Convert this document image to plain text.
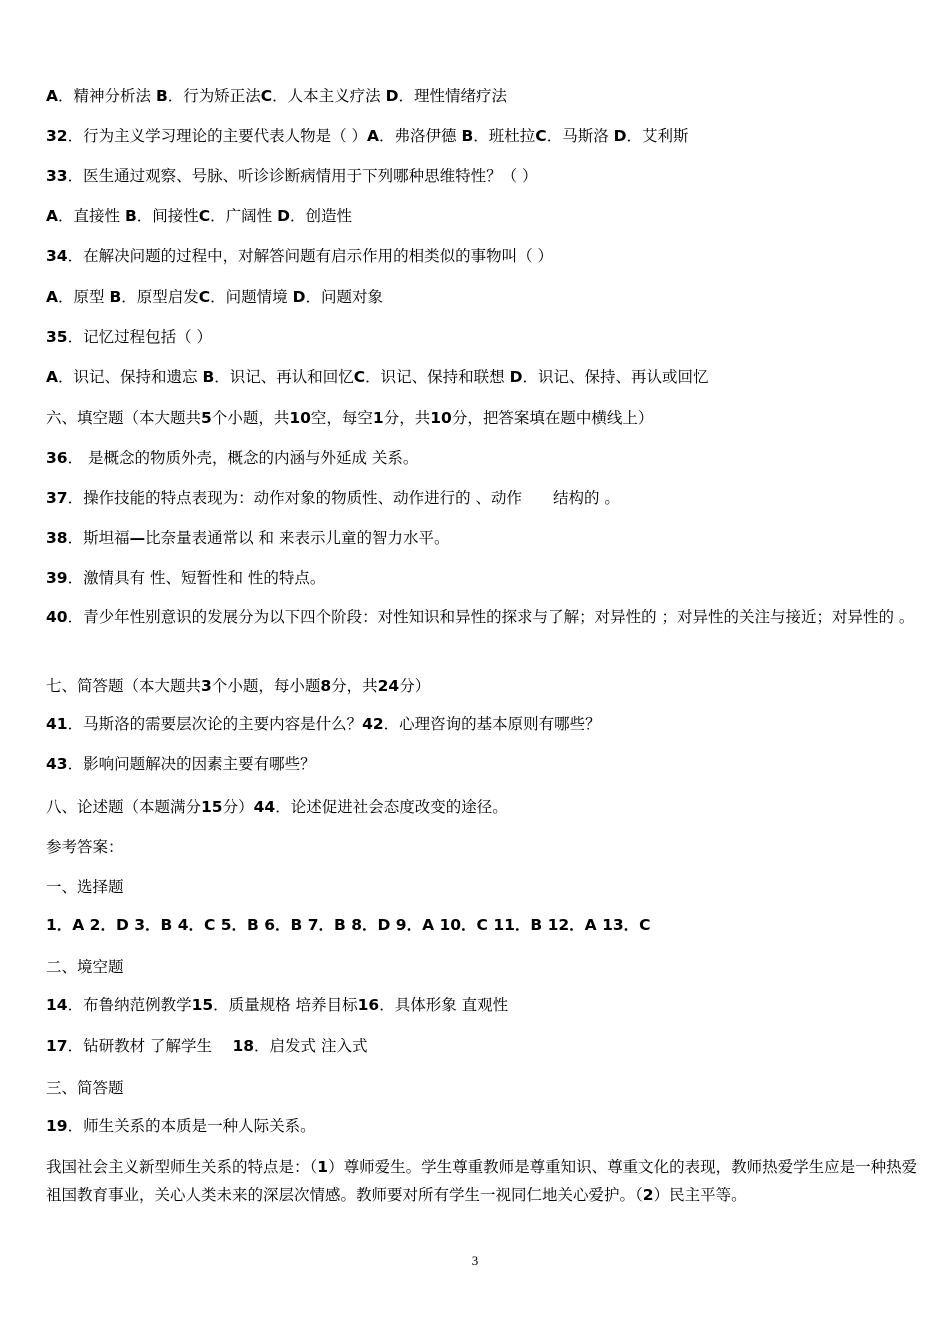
A．精神分析法 B．行为矫正法C．人本主义疗法 D．理性情绪疗法
32．行为主义学习理论的主要代表人物是（ ）A．弗洛伊德 B．班杜拉C．马斯洛 D．艾利斯
33．医生通过观察、号脉、听诊诊断病情用于下列哪种思维特性？（ ）
A．直接性 B．间接性C．广阔性 D．创造性
34．在解决问题的过程中，对解答问题有启示作用的相类似的事物叫（ ）
A．原型 B．原型启发C．问题情境 D．问题对象
35．记忆过程包括（ ）
A．识记、保持和遗忘 B．识记、再认和回忆C．识记、保持和联想 D．识记、保持、再认或回忆
六、填空题（本大题共5个小题，共10空，每空1分，共10分，把答案填在题中横线上）
36． 是概念的物质外壳，概念的内涵与外延成 关系。
37．操作技能的特点表现为：动作对象的物质性、动作进行的 、动作　　结构的 。
38．斯坦福—比奈量表通常以 和 来表示儿童的智力水平。
39．激情具有 性、短暂性和 性的特点。
40．青少年性别意识的发展分为以下四个阶段：对性知识和异性的探求与了解；对异性的 ；对异性的关注与接近；对异性的 。
七、简答题（本大题共3个小题，每小题8分，共24分）
41．马斯洛的需要层次论的主要内容是什么？42．心理咨询的基本原则有哪些？
43．影响问题解决的因素主要有哪些？
八、论述题（本题满分15分）44．论述促进社会态度改变的途径。
参考答案：
一、选择题
1．A 2．D 3．B 4．C 5．B 6．B 7．B 8．D 9．A 10．C 11．B 12．A 13．C
二、境空题
14．布鲁纳范例教学15．质量规格 培养目标16．具体形象 直观性
17．钻研教材 了解学生　 18．启发式 注入式
三、简答题
19．师生关系的本质是一种人际关系。
我国社会主义新型师生关系的特点是：（1）尊师爱生。学生尊重教师是尊重知识、尊重文化的表现，教师热爱学生应是一种热爱祖国教育事业，关心人类未来的深层次情感。教师要对所有学生一视同仁地关心爱护。（2）民主平等。
3
